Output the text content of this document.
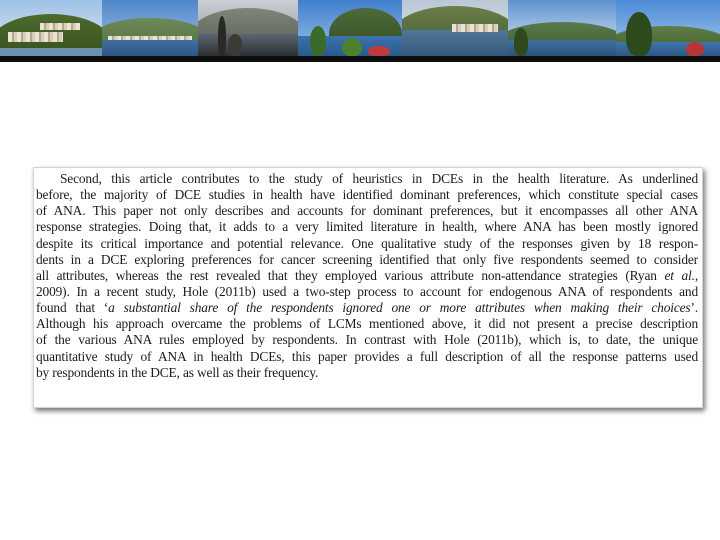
Second, this article contributes to the study of heuristics in DCEs in the health literature. As underlined
before, the majority of DCE studies in health have identified dominant preferences, which constitute special cases
of ANA. This paper not only describes and accounts for dominant preferences, but it encompasses all other ANA
response strategies. Doing that, it adds to a very limited literature in health, where ANA has been mostly ignored
despite its critical importance and potential relevance. One qualitative study of the responses given by 18 respon-
dents in a DCE exploring preferences for cancer screening identified that only five respondents seemed to consider
all attributes, whereas the rest revealed that they employed various attribute non-attendance strategies (Ryan et al.,
2009). In a recent study, Hole (2011b) used a two-step process to account for endogenous ANA of respondents and
found that ‘a substantial share of the respondents ignored one or more attributes when making their choices’.
Although his approach overcame the problems of LCMs mentioned above, it did not present a precise description
of the various ANA rules employed by respondents. In contrast with Hole (2011b), which is, to date, the unique
quantitative study of ANA in health DCEs, this paper provides a full description of all the response patterns used
by respondents in the DCE, as well as their frequency.
